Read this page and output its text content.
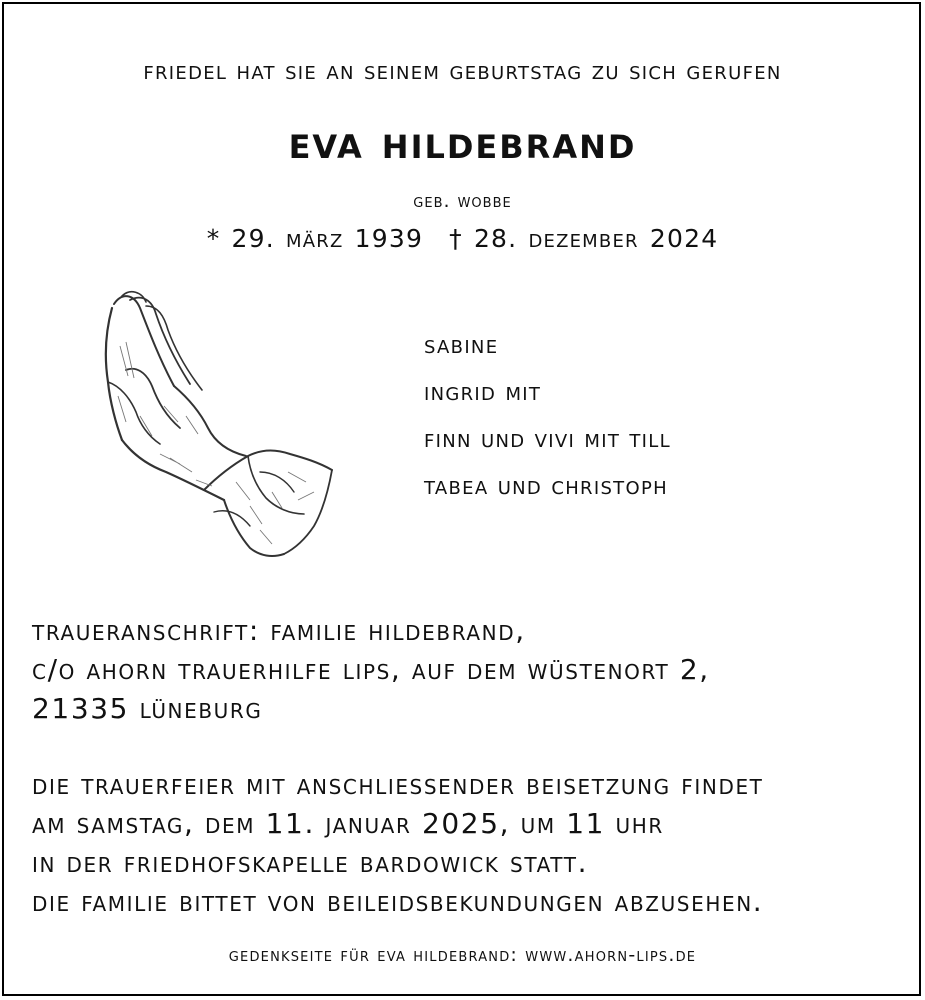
friedel hat sie an seinem geburtstag zu sich gerufen
eva hildebrand
geb. wobbe
* 29. märz 1939 † 28. dezember 2024
sabine
ingrid mit
finn und vivi mit till
tabea und christoph
traueranschrift: familie hildebrand,
c/o ahorn trauerhilfe lips, auf dem wüstenort 2,
21335 lüneburg
die trauerfeier mit anschliessender beisetzung findet
am samstag, dem 11. januar 2025, um 11 uhr
in der friedhofskapelle bardowick statt.
die familie bittet von beileidsbekundungen abzusehen.
gedenkseite für eva hildebrand: www.ahorn-lips.de
